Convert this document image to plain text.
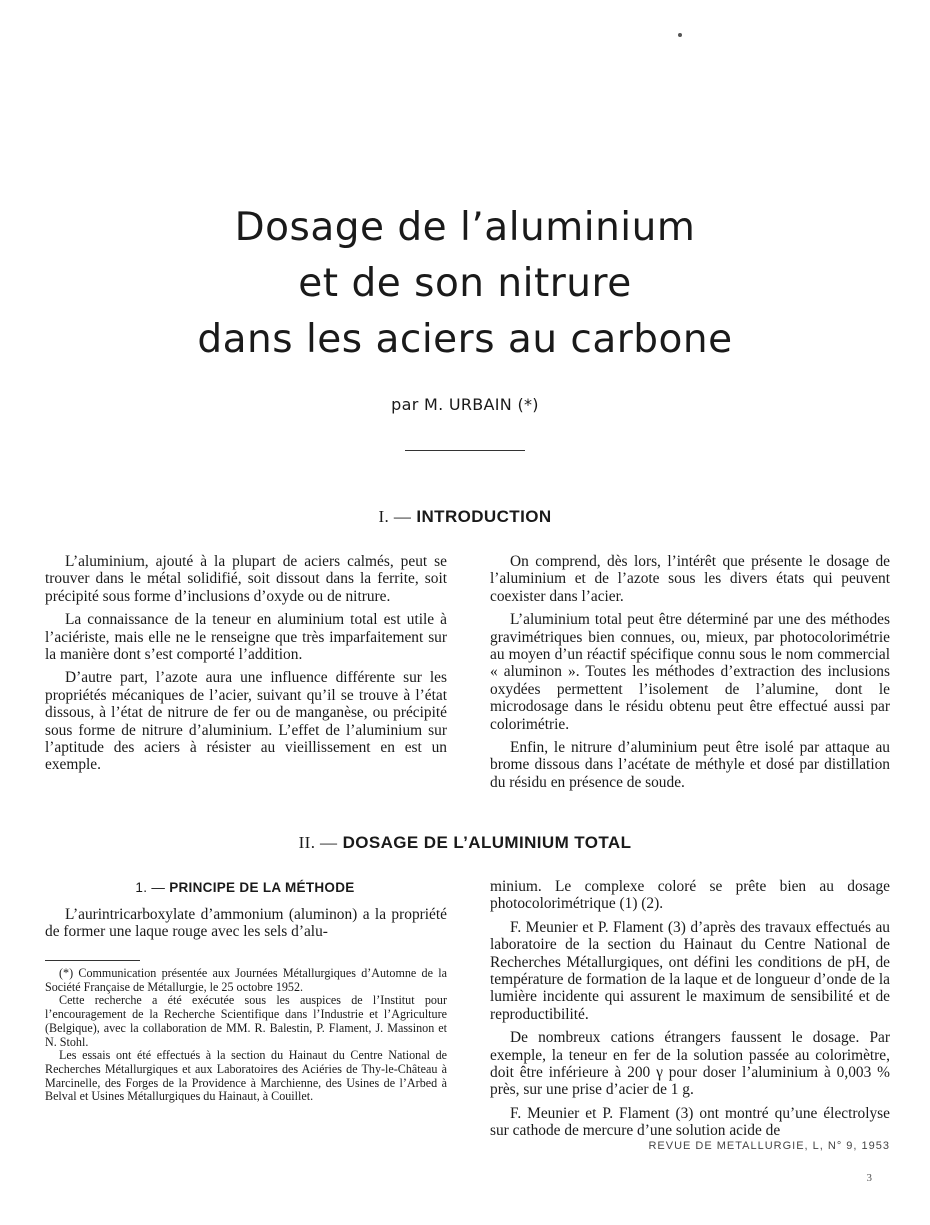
Dosage de l’aluminium
et de son nitrure
dans les aciers au carbone
par M. URBAIN (*)
I. — INTRODUCTION

L’aluminium, ajouté à la plupart de aciers calmés, peut se trouver dans le métal solidifié, soit dissout dans la ferrite, soit précipité sous forme d’inclusions d’oxyde ou de nitrure.

La connaissance de la teneur en aluminium total est utile à l’aciériste, mais elle ne le renseigne que très imparfaitement sur la manière dont s’est comporté l’addition.

D’autre part, l’azote aura une influence différente sur les propriétés mécaniques de l’acier, suivant qu’il se trouve à l’état dissous, à l’état de nitrure de fer ou de manganèse, ou précipité sous forme de nitrure d’aluminium. L’effet de l’aluminium sur l’aptitude des aciers à résister au vieillissement en est un exemple.

On comprend, dès lors, l’intérêt que présente le dosage de l’aluminium et de l’azote sous les divers états qui peuvent coexister dans l’acier.

L’aluminium total peut être déterminé par une des méthodes gravimétriques bien connues, ou, mieux, par photocolorimétrie au moyen d’un réactif spécifique connu sous le nom commercial « aluminon ». Toutes les méthodes d’extraction des inclusions oxydées permettent l’isolement de l’alumine, dont le microdosage dans le résidu obtenu peut être effectué aussi par colorimétrie.

Enfin, le nitrure d’aluminium peut être isolé par attaque au brome dissous dans l’acétate de méthyle et dosé par distillation du résidu en présence de soude.

II. — DOSAGE DE L’ALUMINIUM TOTAL
1. — PRINCIPE DE LA MÉTHODE

L’aurintricarboxylate d’ammonium (aluminon) a la propriété de former une laque rouge avec les sels d’alu-

(*) Communication présentée aux Journées Métallurgiques d’Automne de la Société Française de Métallurgie, le 25 octobre 1952.

Cette recherche a été exécutée sous les auspices de l’Institut pour l’encouragement de la Recherche Scientifique dans l’Industrie et l’Agriculture (Belgique), avec la collaboration de MM. R. Balestin, P. Flament, J. Massinon et N. Stohl.

Les essais ont été effectués à la section du Hainaut du Centre National de Recherches Métallurgiques et aux Laboratoires des Aciéries de Thy-le-Château à Marcinelle, des Forges de la Providence à Marchienne, des Usines de l’Arbed à Belval et Usines Métallurgiques du Hainaut, à Couillet.

minium. Le complexe coloré se prête bien au dosage photocolorimétrique (1) (2).

F. Meunier et P. Flament (3) d’après des travaux effectués au laboratoire de la section du Hainaut du Centre National de Recherches Métallurgiques, ont défini les conditions de pH, de température de formation de la laque et de longueur d’onde de la lumière incidente qui assurent le maximum de sensibilité et de reproductibilité.

De nombreux cations étrangers faussent le dosage. Par exemple, la teneur en fer de la solution passée au colorimètre, doit être inférieure à 200 γ pour doser l’aluminium à 0,003 % près, sur une prise d’acier de 1 g.

F. Meunier et P. Flament (3) ont montré qu’une électrolyse sur cathode de mercure d’une solution acide de

REVUE DE METALLURGIE, L, N° 9, 1953
3
